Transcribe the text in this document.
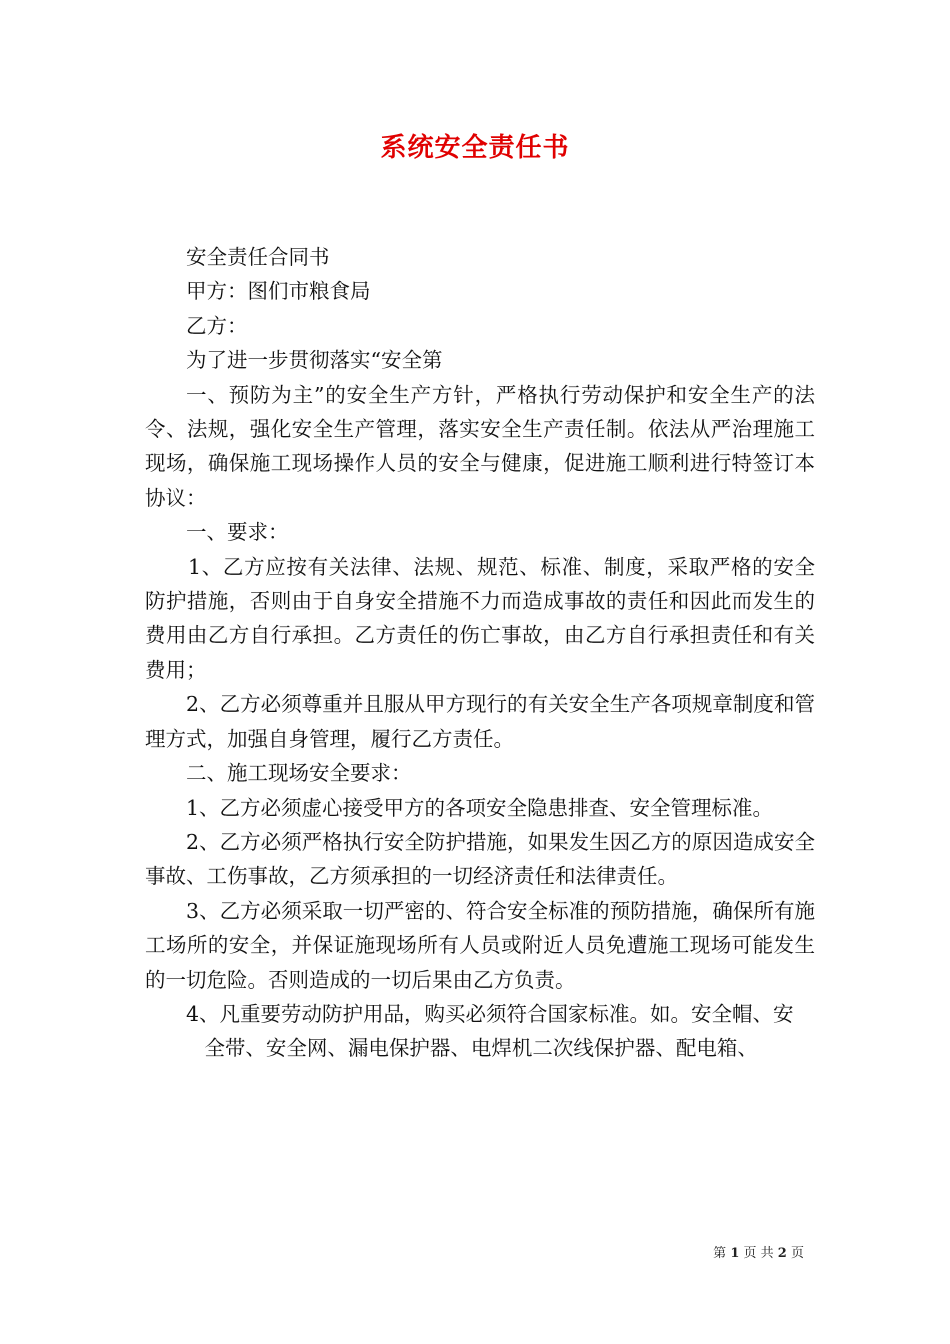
系统安全责任书

安全责任合同书

甲方：图们市粮食局

乙方：

为了进一步贯彻落实“安全第

一、预防为主”的安全生产方针，严格执行劳动保护和安全生产的法令、法规，强化安全生产管理，落实安全生产责任制。依法从严治理施工现场，确保施工现场操作人员的安全与健康，促进施工顺利进行特签订本协议：

一、要求：

1、乙方应按有关法律、法规、规范、标准、制度，采取严格的安全防护措施，否则由于自身安全措施不力而造成事故的责任和因此而发生的费用由乙方自行承担。乙方责任的伤亡事故，由乙方自行承担责任和有关费用；

2、乙方必须尊重并且服从甲方现行的有关安全生产各项规章制度和管理方式，加强自身管理，履行乙方责任。

二、施工现场安全要求：

1、乙方必须虚心接受甲方的各项安全隐患排查、安全管理标准。

2、乙方必须严格执行安全防护措施，如果发生因乙方的原因造成安全事故、工伤事故，乙方须承担的一切经济责任和法律责任。

3、乙方必须采取一切严密的、符合安全标准的预防措施，确保所有施工场所的安全，并保证施现场所有人员或附近人员免遭施工现场可能发生的一切危险。否则造成的一切后果由乙方负责。

4、凡重要劳动防护用品，购买必须符合国家标准。如。安全帽、安

全带、安全网、漏电保护器、电焊机二次线保护器、配电箱、

第 1 页 共 2 页
